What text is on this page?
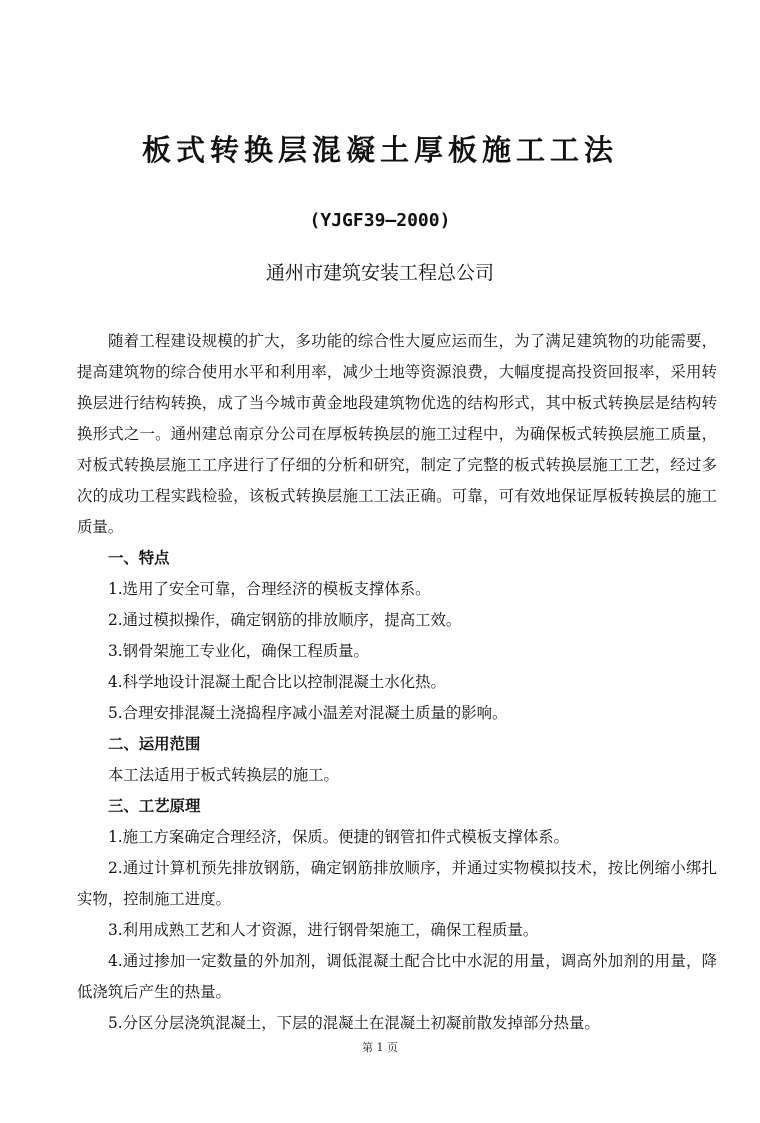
板式转换层混凝土厚板施工工法
(YJGF39—2000)
通州市建筑安装工程总公司

随着工程建设规模的扩大，多功能的综合性大厦应运而生，为了满足建筑物的功能需要，提高建筑物的综合使用水平和利用率，减少土地等资源浪费，大幅度提高投资回报率，采用转换层进行结构转换，成了当今城市黄金地段建筑物优选的结构形式，其中板式转换层是结构转换形式之一。通州建总南京分公司在厚板转换层的施工过程中，为确保板式转换层施工质量，对板式转换层施工工序进行了仔细的分析和研究，制定了完整的板式转换层施工工艺，经过多次的成功工程实践检验，该板式转换层施工工法正确。可靠，可有效地保证厚板转换层的施工质量。

一、特点

1.选用了安全可靠，合理经济的模板支撑体系。

2.通过模拟操作，确定钢筋的排放顺序，提高工效。

3.钢骨架施工专业化，确保工程质量。

4.科学地设计混凝土配合比以控制混凝土水化热。

5.合理安排混凝土浇捣程序减小温差对混凝土质量的影响。

二、运用范围

本工法适用于板式转换层的施工。

三、工艺原理

1.施工方案确定合理经济，保质。便捷的钢管扣件式模板支撑体系。

2.通过计算机预先排放钢筋，确定钢筋排放顺序，并通过实物模拟技术，按比例缩小绑扎实物，控制施工进度。

3.利用成熟工艺和人才资源，进行钢骨架施工，确保工程质量。

4.通过掺加一定数量的外加剂，调低混凝土配合比中水泥的用量，调高外加剂的用量，降低浇筑后产生的热量。

5.分区分层浇筑混凝土，下层的混凝土在混凝土初凝前散发掉部分热量。

第 1 页
